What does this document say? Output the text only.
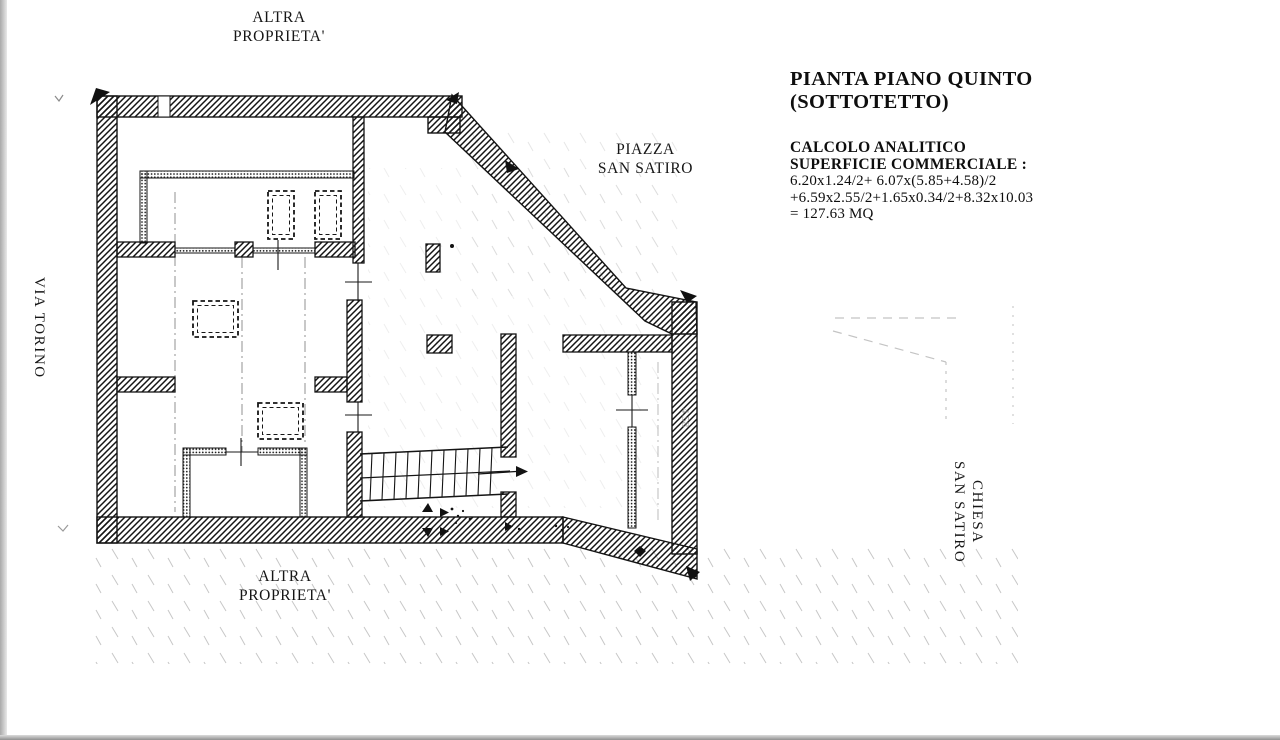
4.58
ALTRA
PROPRIETA'
PIAZZA
SAN SATIRO
VIA TORINO
CHIESA
SAN SATIRO
ALTRA
PROPRIETA'
PIANTA PIANO QUINTO
(SOTTOTETTO)
CALCOLO ANALITICO
SUPERFICIE COMMERCIALE :
6.20x1.24/2+ 6.07x(5.85+4.58)/2
+6.59x2.55/2+1.65x0.34/2+8.32x10.03
= 127.63 MQ
